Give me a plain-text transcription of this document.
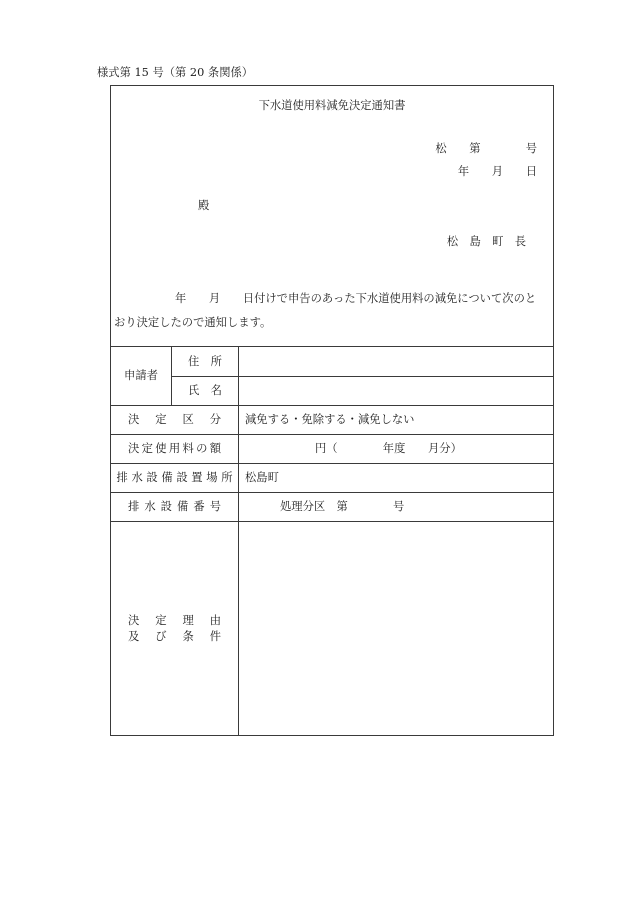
様式第 15 号（第 20 条関係）
下水道使用料減免決定通知書
松　　第　　　　号
年　　月　　日
殿
松　島　町　長
年　　月　　日付けで申告のあった下水道使用料の減免について次のと
おり決定したので通知します。
申請者	住　所	
	氏　名	
決　定　区　分		減免する・免除する・減免しない
決定使用料の額		円（　　　　年度　　月分）
排水設備設置場所		松島町
排 水 設 備 番 号		処理分区　第　　　　号

決　定　理　由
及　び　条　件		
